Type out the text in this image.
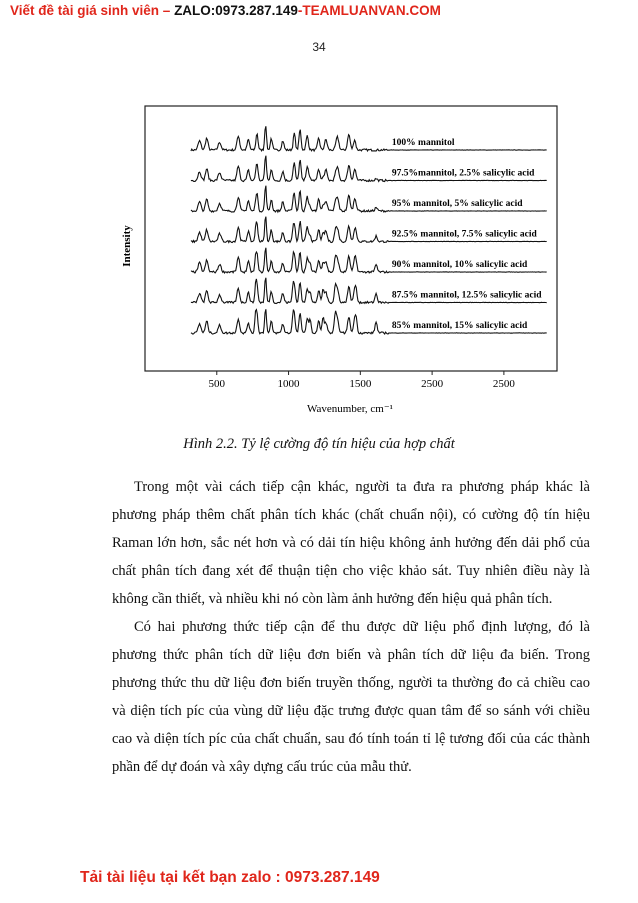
Viết đề tài giá sinh viên – ZALO:0973.287.149-TEAMLUANVAN.COM
34
100% mannitol
97.5%mannitol, 2.5% salicylic acid
95% mannitol, 5% salicylic acid
92.5% mannitol, 7.5% salicylic acid
90% mannitol, 10% salicylic acid
87.5% mannitol, 12.5% salicylic acid
85% mannitol, 15% salicylic acid
500	1000	1500	2500	2500
Intensity
Wavenumber, cm⁻¹
Hình 2.2. Tỷ lệ cường độ tín hiệu của hợp chất

Trong một vài cách tiếp cận khác, người ta đưa ra phương pháp khác là phương pháp thêm chất phân tích khác (chất chuẩn nội), có cường độ tín hiệu Raman lớn hơn, sắc nét hơn và có dải tín hiệu không ảnh hưởng đến dải phổ của chất phân tích đang xét để thuận tiện cho việc khảo sát. Tuy nhiên điều này là không cần thiết, và nhiều khi nó còn làm ảnh hưởng đến hiệu quả phân tích.

Có hai phương thức tiếp cận để thu được dữ liệu phổ định lượng, đó là phương thức phân tích dữ liệu đơn biến và phân tích dữ liệu đa biến. Trong phương thức thu dữ liệu đơn biến truyền thống, người ta thường đo cả chiều cao và diện tích píc của vùng dữ liệu đặc trưng được quan tâm để so sánh với chiều cao và diện tích píc của chất chuẩn, sau đó tính toán tỉ lệ tương đối của các thành phần để dự đoán và xây dựng cấu trúc của mẫu thử.

Tải tài liệu tại kết bạn zalo : 0973.287.149
